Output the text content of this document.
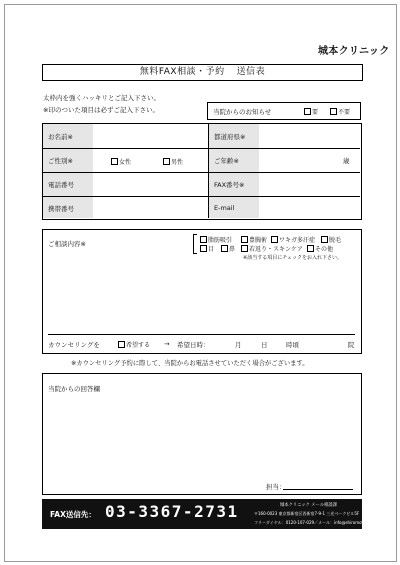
城本クリニック
無料FAX相談・予約 送信表
太枠内を強くハッキリとご記入下さい。
※印のついた項目は必ずご記入下さい。	当院からのお知らせ	要	不要
お名前※	都道府県※
ご性別※	女性	男性	ご年齢※	歳
電話番号	FAX番号※
携帯番号	E-mail
ご相談内容※	脂肪吸引	豊胸術	ワキガ多汗症	脱毛
目	鼻	若返り・スキンケア	その他
※該当する項目にチェックをお入れ下さい。
カウンセリングを	希望する → 希望日時：	月	日	時頃	院
※カウンセリング予約に際して、当院からお電話させていただく場合がございます。
当院からの回答欄
担当：
FAX送信先： 03-3367-2731	城本クリニック メール相談課
〒160-0023 東京都新宿区西新宿7-9-1 三光ベークビル5F
フリーダイヤル：0120-107-029／メール：info@shiromoto.to
